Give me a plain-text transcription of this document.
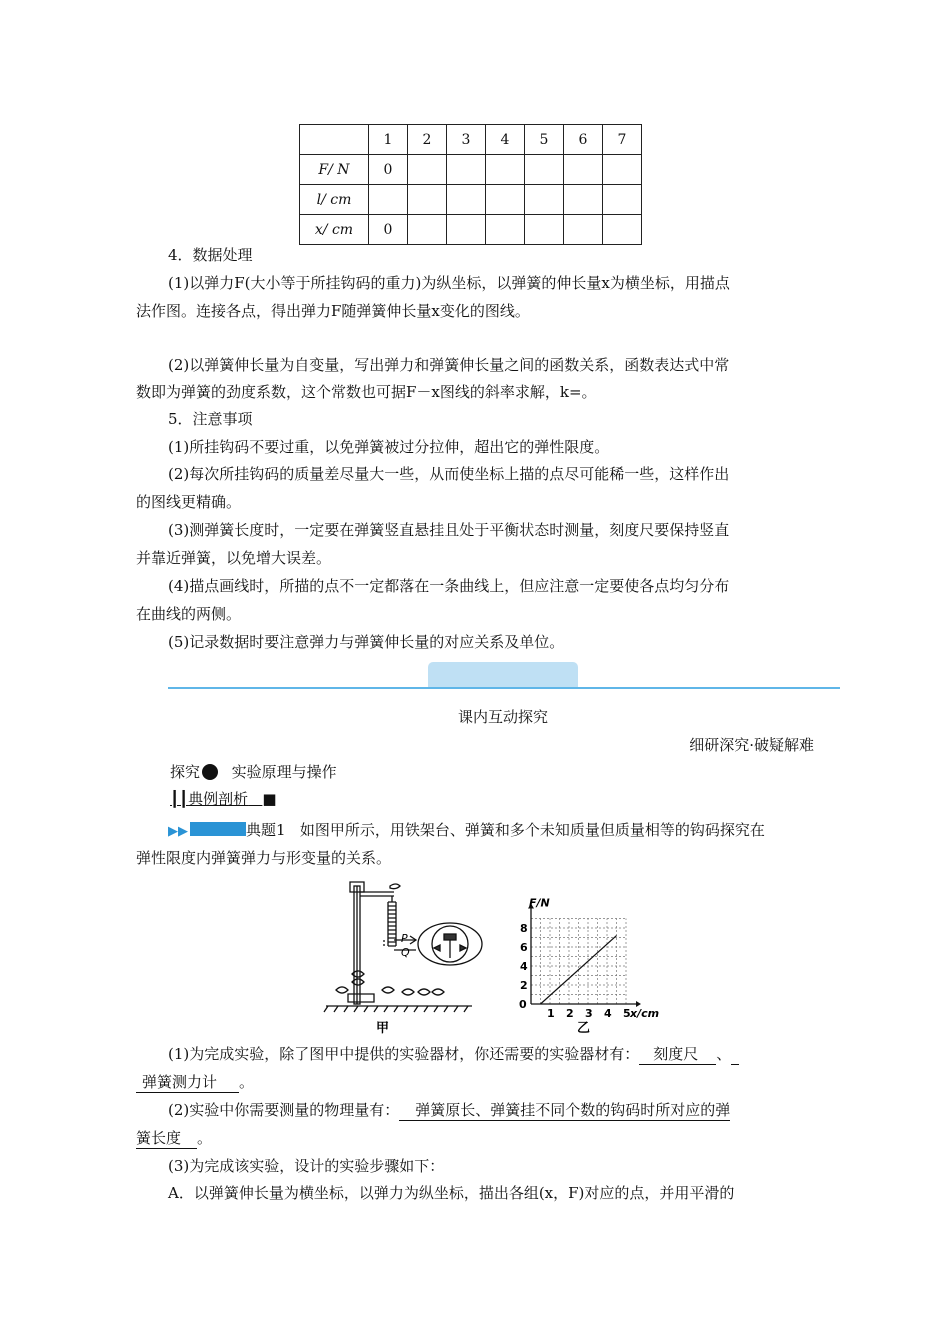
	1	2	3	4	5	6	7
F/ N	0						
l/ cm							
x/ cm	0						
4．数据处理
(1)以弹力F(大小等于所挂钩码的重力)为纵坐标，以弹簧的伸长量x为横坐标，用描点
法作图。连接各点，得出弹力F随弹簧伸长量x变化的图线。
(2)以弹簧伸长量为自变量，写出弹力和弹簧伸长量之间的函数关系，函数表达式中常
数即为弹簧的劲度系数，这个常数也可据F－x图线的斜率求解，k=。
5．注意事项
(1)所挂钩码不要过重，以免弹簧被过分拉伸，超出它的弹性限度。
(2)每次所挂钩码的质量差尽量大一些，从而使坐标上描的点尽可能稀一些，这样作出
的图线更精确。
(3)测弹簧长度时，一定要在弹簧竖直悬挂且处于平衡状态时测量，刻度尺要保持竖直
并靠近弹簧，以免增大误差。
(4)描点画线时，所描的点不一定都落在一条曲线上，但应注意一定要使各点均匀分布
在曲线的两侧。
(5)记录数据时要注意弹力与弹簧伸长量的对应关系及单位。
课内互动探究
细研深究·破疑解难
探究 实验原理与操作
┃┃典例剖析 ■
▶▶	典题1 如图甲所示，用铁架台、弹簧和多个未知质量但质量相等的钩码探究在
弹性限度内弹簧弹力与形变量的关系。
P
Q
甲
1 2 3 4 5
2
4
6
8
F/N
x/cm
0
乙
(1)为完成实验，除了图甲中提供的实验器材，你还需要的实验器材有： 刻度尺 、
弹簧测力计 。
(2)实验中你需要测量的物理量有： 弹簧原长、弹簧挂不同个数的钩码时所对应的弹
簧长度 。
(3)为完成该实验，设计的实验步骤如下：
A．以弹簧伸长量为横坐标，以弹力为纵坐标，描出各组(x，F)对应的点，并用平滑的
